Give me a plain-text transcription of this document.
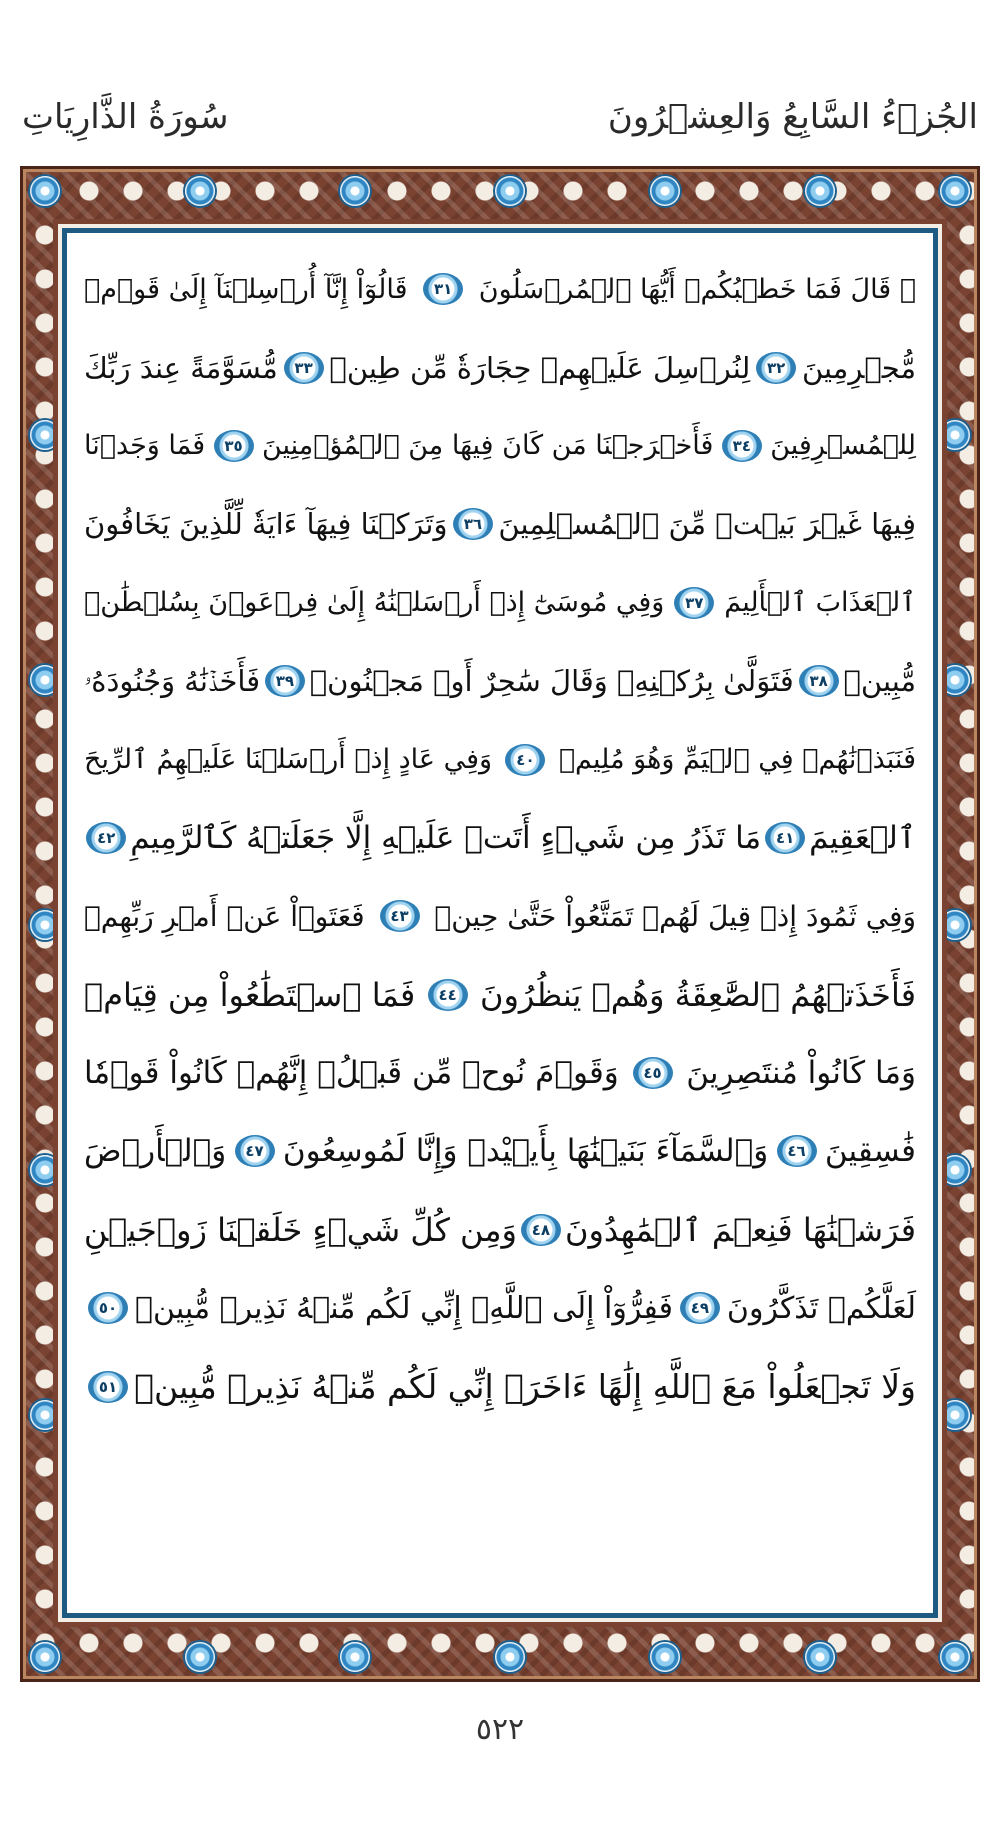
سُورَةُ الذَّارِيَاتِ	الجُزۡءُ السَّابِعُ وَالعِشۡرُونَ
۞ قَالَ فَمَا خَطۡبُكُمۡ أَيُّهَا ٱلۡمُرۡسَلُونَ
٣١
قَالُوٓاْ إِنَّآ أُرۡسِلۡنَآ إِلَىٰ قَوۡمٖ
مُّجۡرِمِينَ
٣٢
لِنُرۡسِلَ عَلَيۡهِمۡ حِجَارَةٗ مِّن طِينٖ
٣٣
مُّسَوَّمَةً عِندَ رَبِّكَ
لِلۡمُسۡرِفِينَ
٣٤
فَأَخۡرَجۡنَا مَن كَانَ فِيهَا مِنَ ٱلۡمُؤۡمِنِينَ
٣٥
فَمَا وَجَدۡنَا
فِيهَا غَيۡرَ بَيۡتٖ مِّنَ ٱلۡمُسۡلِمِينَ
٣٦
وَتَرَكۡنَا فِيهَآ ءَايَةٗ لِّلَّذِينَ يَخَافُونَ
ٱلۡعَذَابَ ٱلۡأَلِيمَ
٣٧
وَفِي مُوسَىٰٓ إِذۡ أَرۡسَلۡنَٰهُ إِلَىٰ فِرۡعَوۡنَ بِسُلۡطَٰنٖ
مُّبِينٖ
٣٨
فَتَوَلَّىٰ بِرُكۡنِهِۦ وَقَالَ سَٰحِرٌ أَوۡ مَجۡنُونٞ
٣٩
فَأَخَذۡنَٰهُ وَجُنُودَهُۥ
فَنَبَذۡنَٰهُمۡ فِي ٱلۡيَمِّ وَهُوَ مُلِيمٞ
٤٠
وَفِي عَادٍ إِذۡ أَرۡسَلۡنَا عَلَيۡهِمُ ٱلرِّيحَ
ٱلۡعَقِيمَ
٤١
مَا تَذَرُ مِن شَيۡءٍ أَتَتۡ عَلَيۡهِ إِلَّا جَعَلَتۡهُ كَٱلرَّمِيمِ
٤٢
وَفِي ثَمُودَ إِذۡ قِيلَ لَهُمۡ تَمَتَّعُواْ حَتَّىٰ حِينٖ
٤٣
فَعَتَوۡاْ عَنۡ أَمۡرِ رَبِّهِمۡ
فَأَخَذَتۡهُمُ ٱلصَّٰعِقَةُ وَهُمۡ يَنظُرُونَ
٤٤
فَمَا ٱسۡتَطَٰعُواْ مِن قِيَامٖ
وَمَا كَانُواْ مُنتَصِرِينَ
٤٥
وَقَوۡمَ نُوحٖ مِّن قَبۡلُۖ إِنَّهُمۡ كَانُواْ قَوۡمٗا
فَٰسِقِينَ
٤٦
وَٱلسَّمَآءَ بَنَيۡنَٰهَا بِأَيۡيْدٖ وَإِنَّا لَمُوسِعُونَ
٤٧
وَٱلۡأَرۡضَ
فَرَشۡنَٰهَا فَنِعۡمَ ٱلۡمَٰهِدُونَ
٤٨
وَمِن كُلِّ شَيۡءٍ خَلَقۡنَا زَوۡجَيۡنِ
لَعَلَّكُمۡ تَذَكَّرُونَ
٤٩
فَفِرُّوٓاْ إِلَى ٱللَّهِۖ إِنِّي لَكُم مِّنۡهُ نَذِيرٞ مُّبِينٞ
٥٠
وَلَا تَجۡعَلُواْ مَعَ ٱللَّهِ إِلَٰهًا ءَاخَرَۖ إِنِّي لَكُم مِّنۡهُ نَذِيرٞ مُّبِينٞ
٥١
٥٢٢
